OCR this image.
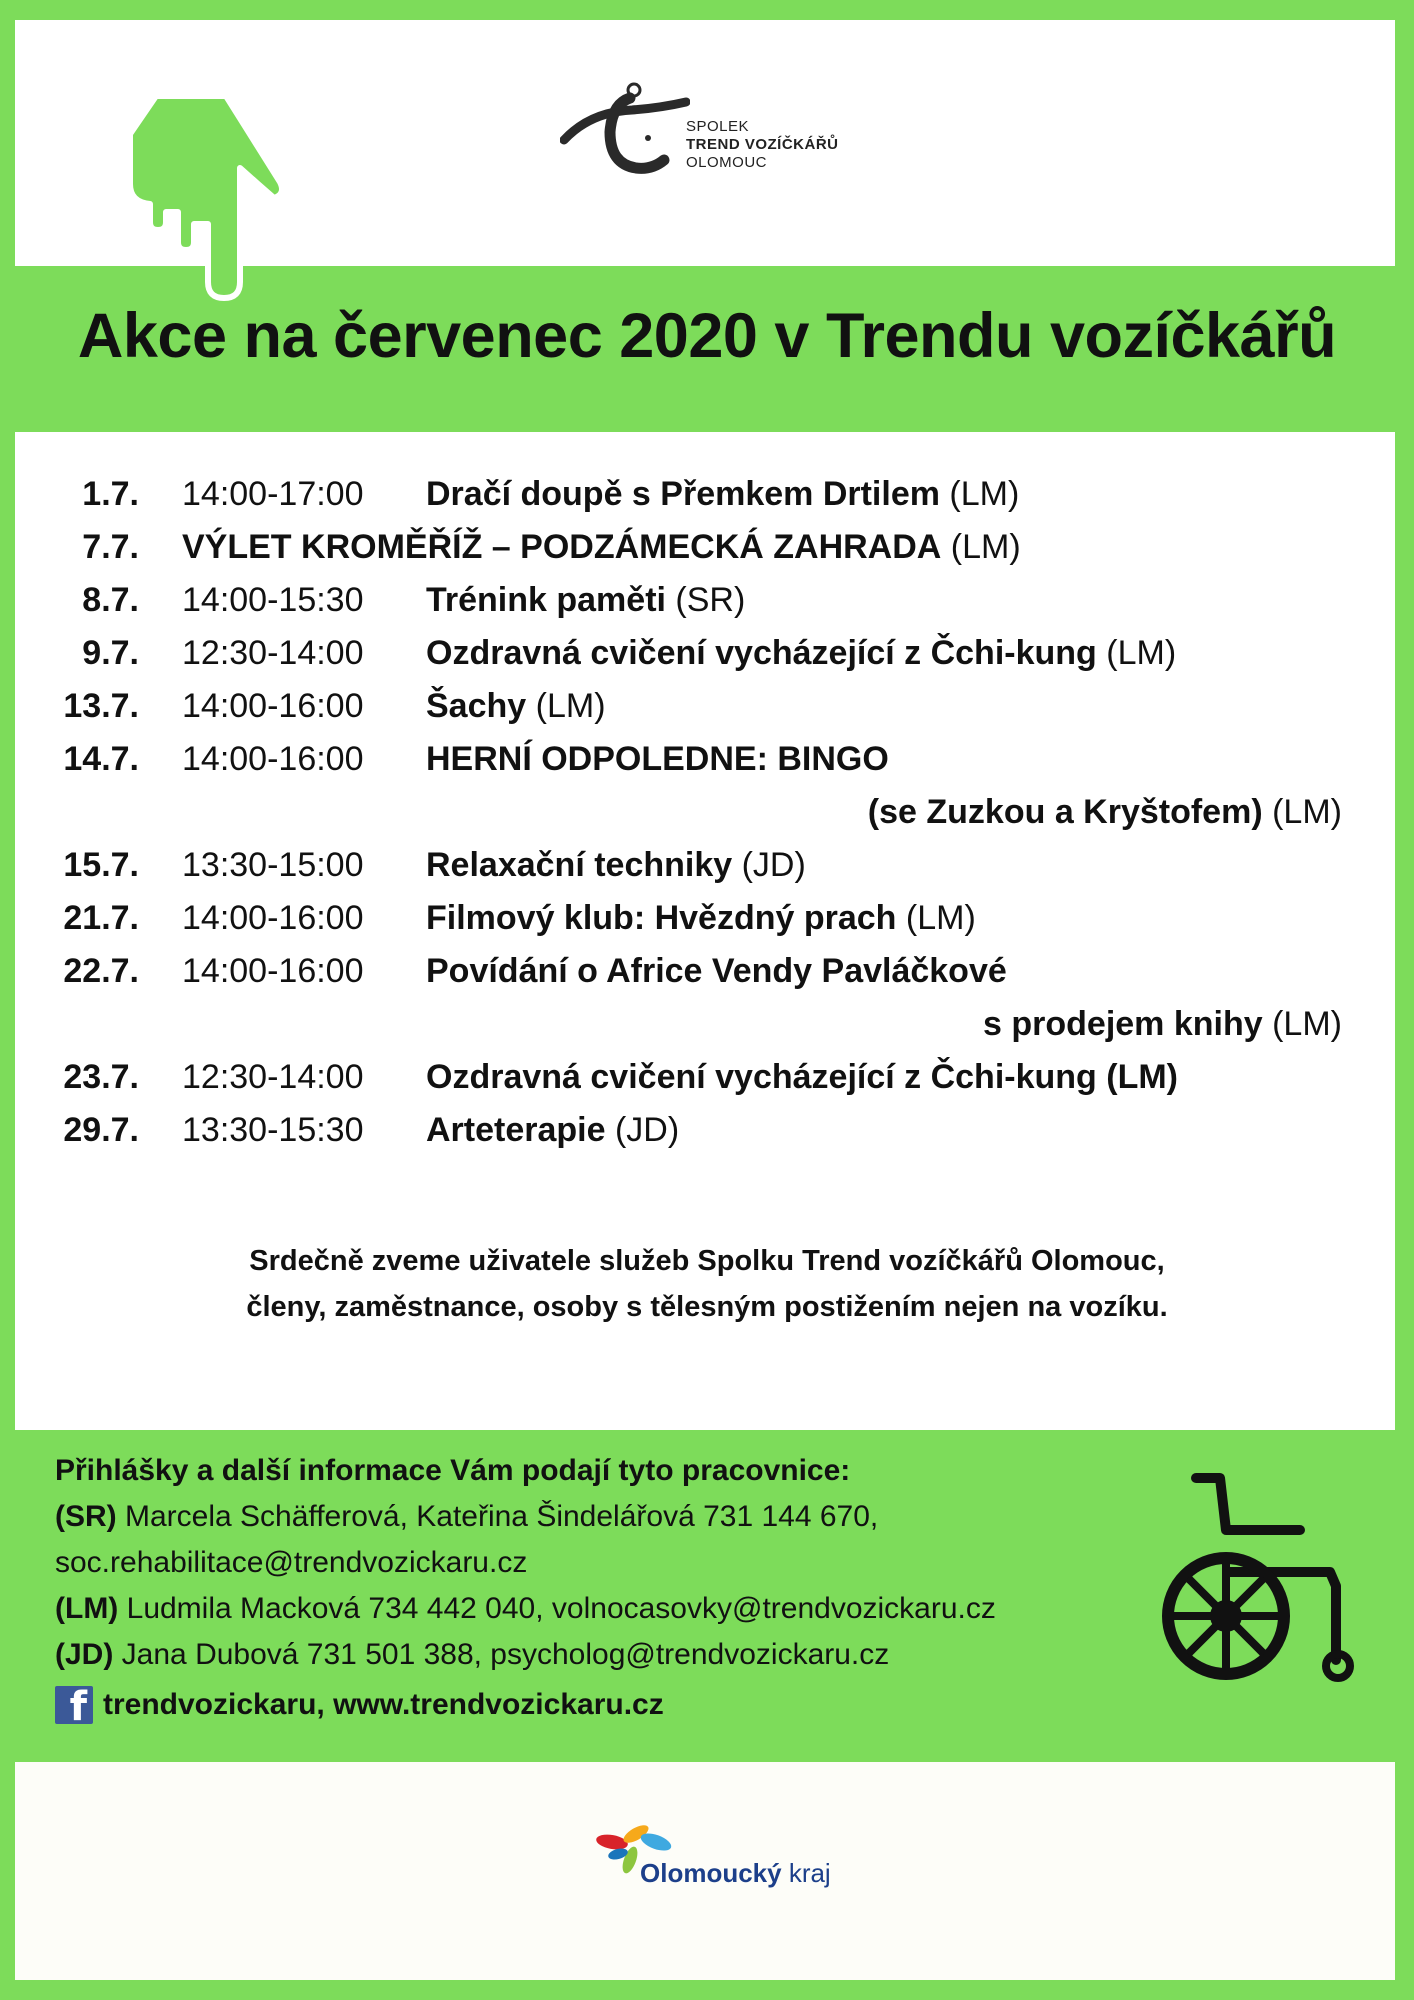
SPOLEK
TREND VOZÍČKÁŘŮ
OLOMOUC
Akce na červenec 2020 v Trendu vozíčkářů
1.7. 14:00-17:00 Dračí doupě s Přemkem Drtilem (LM)
7.7. VÝLET KROMĚŘÍŽ – PODZÁMECKÁ ZAHRADA (LM)
8.7. 14:00-15:30 Trénink paměti (SR)
9.7. 12:30-14:00 Ozdravná cvičení vycházející z Čchi-kung (LM)
13.7. 14:00-16:00 Šachy (LM)
14.7. 14:00-16:00 HERNÍ ODPOLEDNE: BINGO
(se Zuzkou a Kryštofem) (LM)
15.7. 13:30-15:00 Relaxační techniky (JD)
21.7. 14:00-16:00 Filmový klub: Hvězdný prach (LM)
22.7. 14:00-16:00 Povídání o Africe Vendy Pavláčkové
s prodejem knihy (LM)
23.7. 12:30-14:00 Ozdravná cvičení vycházející z Čchi-kung (LM)
29.7. 13:30-15:30 Arteterapie (JD)
Srdečně zveme uživatele služeb Spolku Trend vozíčkářů Olomouc,
členy, zaměstnance, osoby s tělesným postižením nejen na vozíku.
Přihlášky a další informace Vám podají tyto pracovnice:
(SR) Marcela Schäfferová, Kateřina Šindelářová 731 144 670,
soc.rehabilitace@trendvozickaru.cz
(LM) Ludmila Macková 734 442 040, volnocasovky@trendvozickaru.cz
(JD) Jana Dubová 731 501 388, psycholog@trendvozickaru.cz
f trendvozickaru, www.trendvozickaru.cz
Olomoucký kraj
